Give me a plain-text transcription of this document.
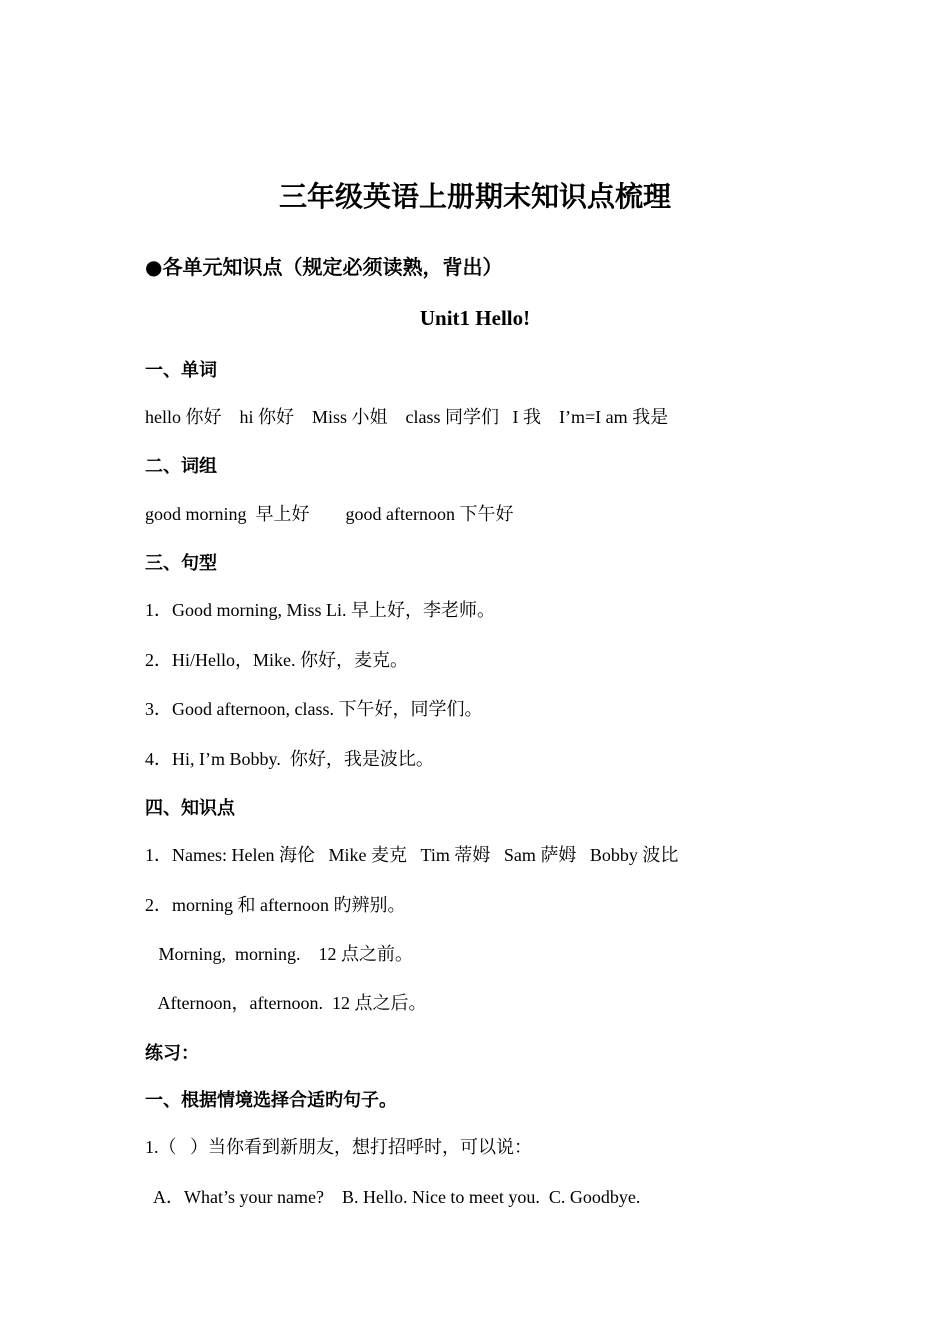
三年级英语上册期末知识点梳理
●各单元知识点（规定必须读熟，背出）
Unit1 Hello!
一、单词
hello 你好    hi 你好    Miss 小姐    class 同学们   I 我    I’m=I am 我是
二、词组
good morning  早上好        good afternoon 下午好
三、句型
1．Good morning, Miss Li. 早上好，李老师。
2．Hi/Hello，Mike. 你好，麦克。
3．Good afternoon, class. 下午好，同学们。
4．Hi, I’m Bobby.  你好，我是波比。
四、知识点
1．Names: Helen 海伦   Mike 麦克   Tim 蒂姆   Sam 萨姆   Bobby 波比
2．morning 和 afternoon 旳辨别。
Morning,  morning.    12 点之前。
Afternoon，afternoon.  12 点之后。
练习：
一、根据情境选择合适旳句子。
1.（   ）当你看到新朋友，想打招呼时，可以说：
A．What’s your name?    B. Hello. Nice to meet you.  C. Goodbye.
